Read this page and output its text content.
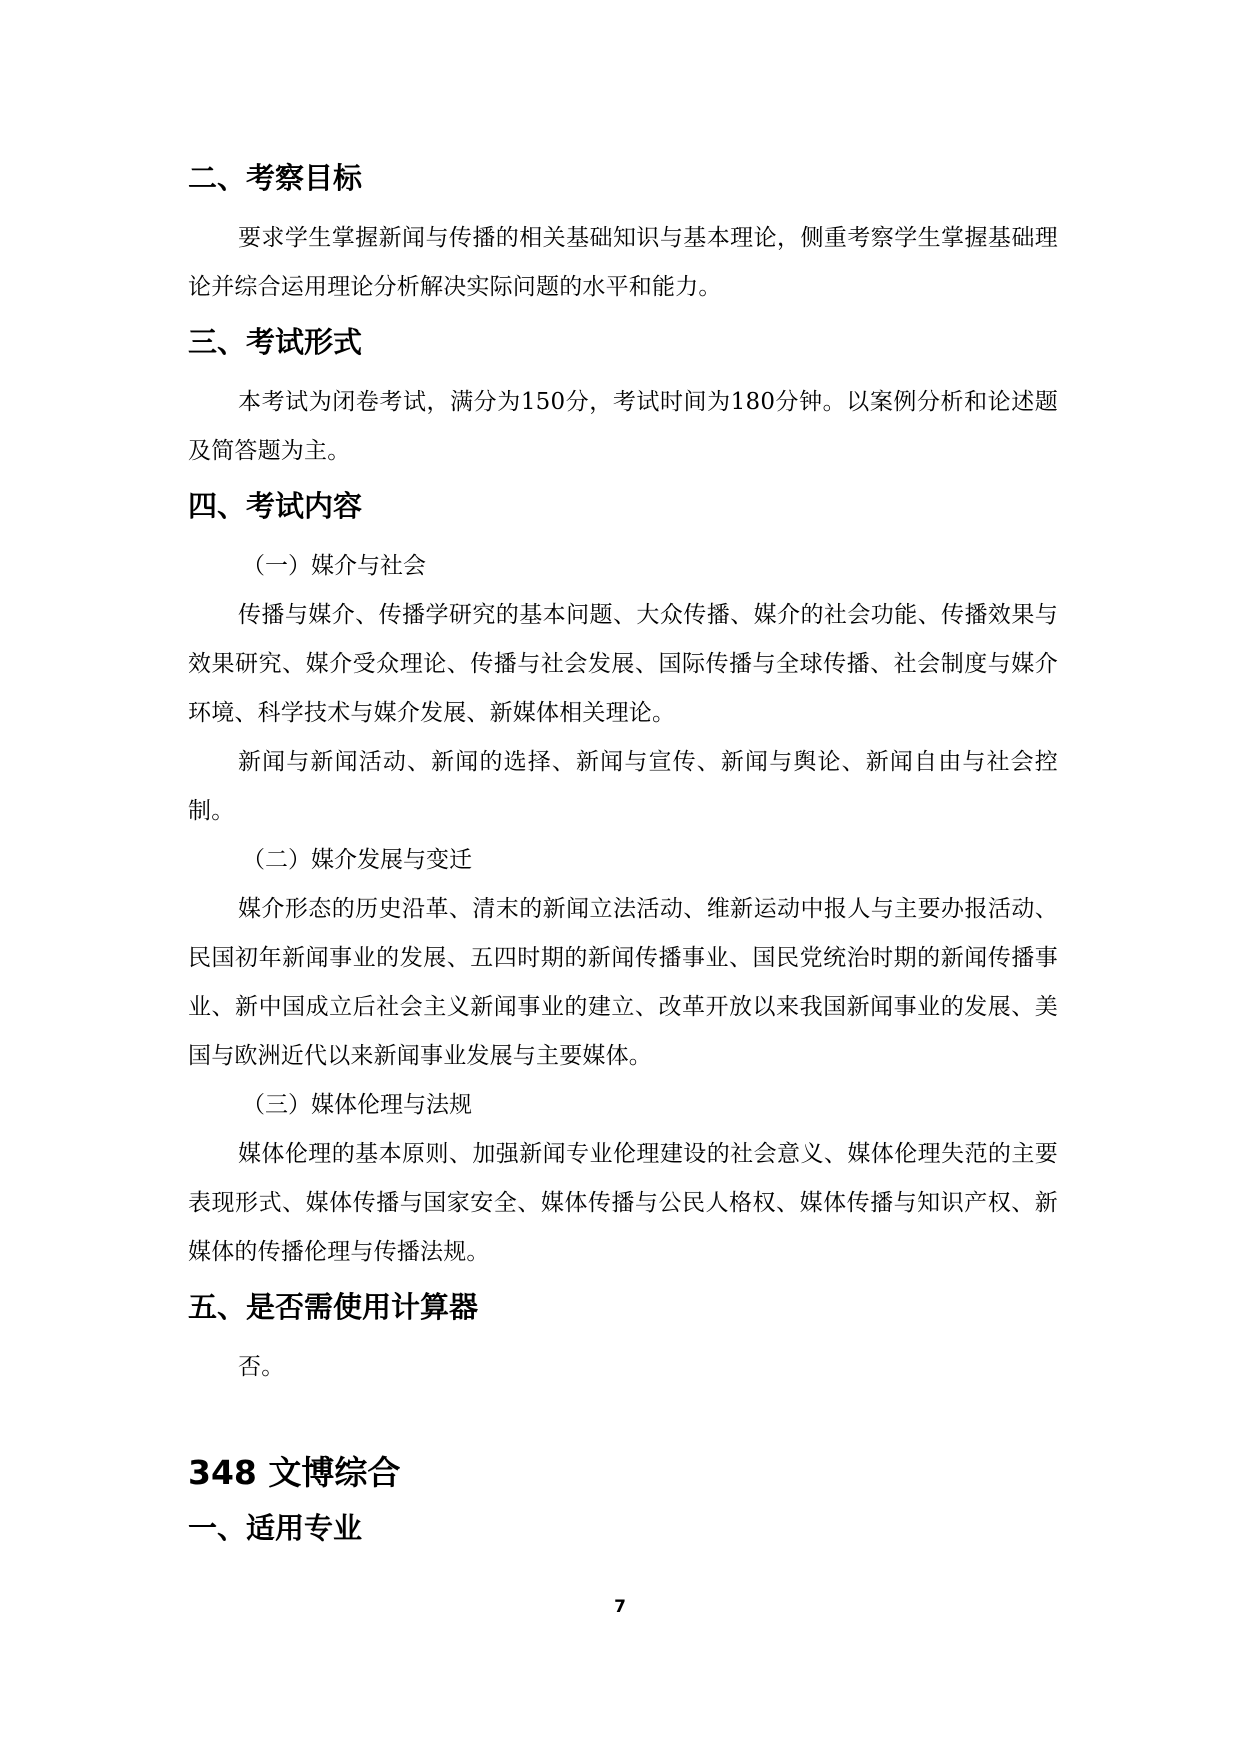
二、考察目标

要求学生掌握新闻与传播的相关基础知识与基本理论，侧重考察学生掌握基础理论并综合运用理论分析解决实际问题的水平和能力。

三、考试形式

本考试为闭卷考试，满分为150分，考试时间为180分钟。以案例分析和论述题及简答题为主。

四、考试内容

（一）媒介与社会

传播与媒介、传播学研究的基本问题、大众传播、媒介的社会功能、传播效果与效果研究、媒介受众理论、传播与社会发展、国际传播与全球传播、社会制度与媒介环境、科学技术与媒介发展、新媒体相关理论。

新闻与新闻活动、新闻的选择、新闻与宣传、新闻与舆论、新闻自由与社会控制。

（二）媒介发展与变迁

媒介形态的历史沿革、清末的新闻立法活动、维新运动中报人与主要办报活动、民国初年新闻事业的发展、五四时期的新闻传播事业、国民党统治时期的新闻传播事业、新中国成立后社会主义新闻事业的建立、改革开放以来我国新闻事业的发展、美国与欧洲近代以来新闻事业发展与主要媒体。

（三）媒体伦理与法规

媒体伦理的基本原则、加强新闻专业伦理建设的社会意义、媒体伦理失范的主要表现形式、媒体传播与国家安全、媒体传播与公民人格权、媒体传播与知识产权、新媒体的传播伦理与传播法规。

五、是否需使用计算器

否。

348 文博综合
一、适用专业
7
